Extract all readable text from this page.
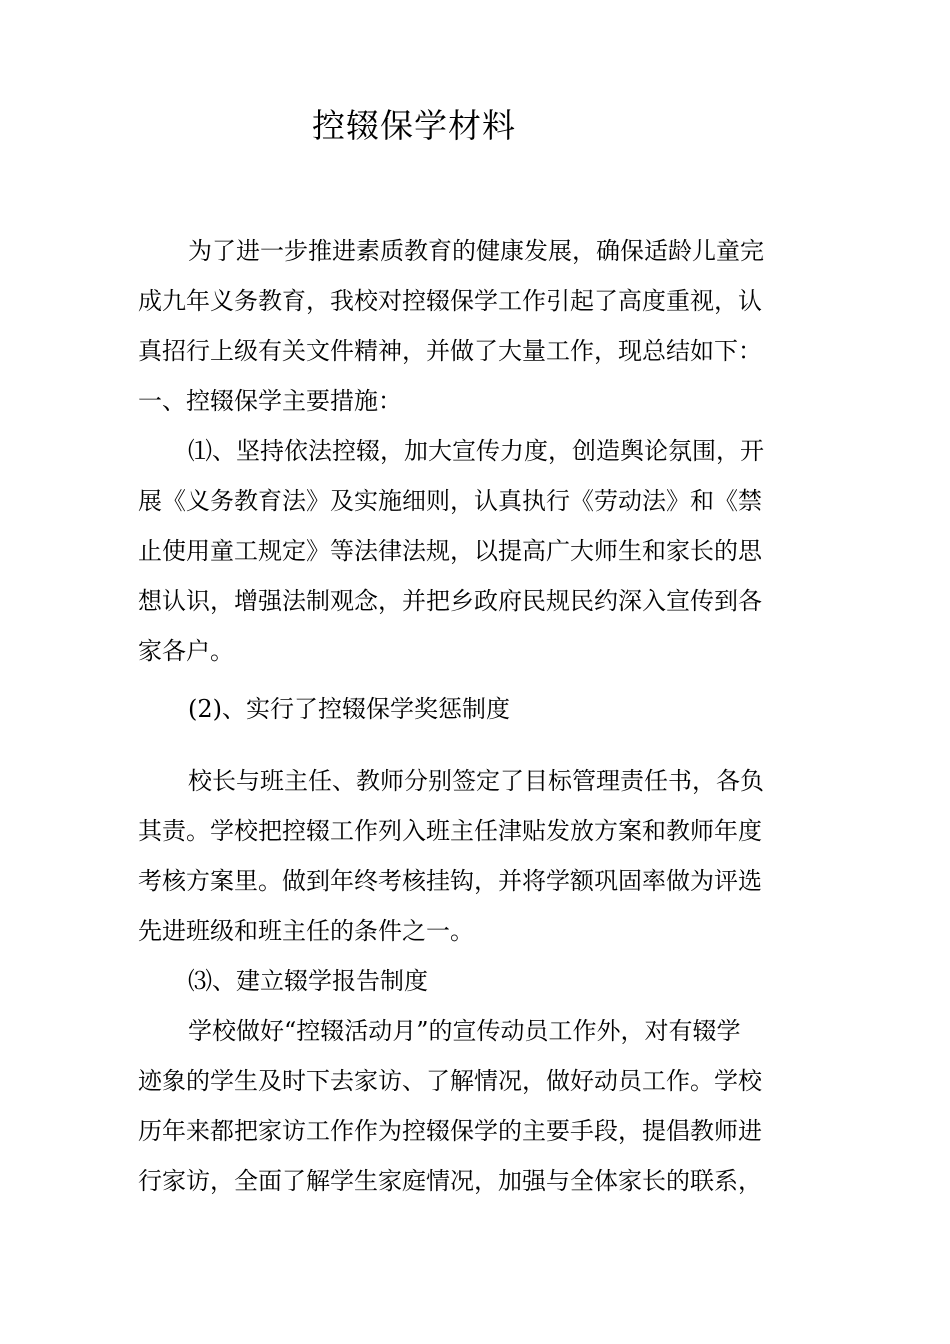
控辍保学材料
为了进一步推进素质教育的健康发展，确保适龄儿童完
成九年义务教育，我校对控辍保学工作引起了高度重视，认
真招行上级有关文件精神，并做了大量工作，现总结如下：
一、控辍保学主要措施：
⑴、坚持依法控辍，加大宣传力度，创造舆论氛围，开
展《义务教育法》及实施细则，认真执行《劳动法》和《禁
止使用童工规定》等法律法规，以提高广大师生和家长的思
想认识，增强法制观念，并把乡政府民规民约深入宣传到各
家各户。
(2)、实行了控辍保学奖惩制度
校长与班主任、教师分别签定了目标管理责任书，各负
其责。学校把控辍工作列入班主任津贴发放方案和教师年度
考核方案里。做到年终考核挂钩，并将学额巩固率做为评选
先进班级和班主任的条件之一。
⑶、建立辍学报告制度
学校做好“控辍活动月”的宣传动员工作外，对有辍学
迹象的学生及时下去家访、了解情况，做好动员工作。学校
历年来都把家访工作作为控辍保学的主要手段，提倡教师进
行家访，全面了解学生家庭情况，加强与全体家长的联系，
